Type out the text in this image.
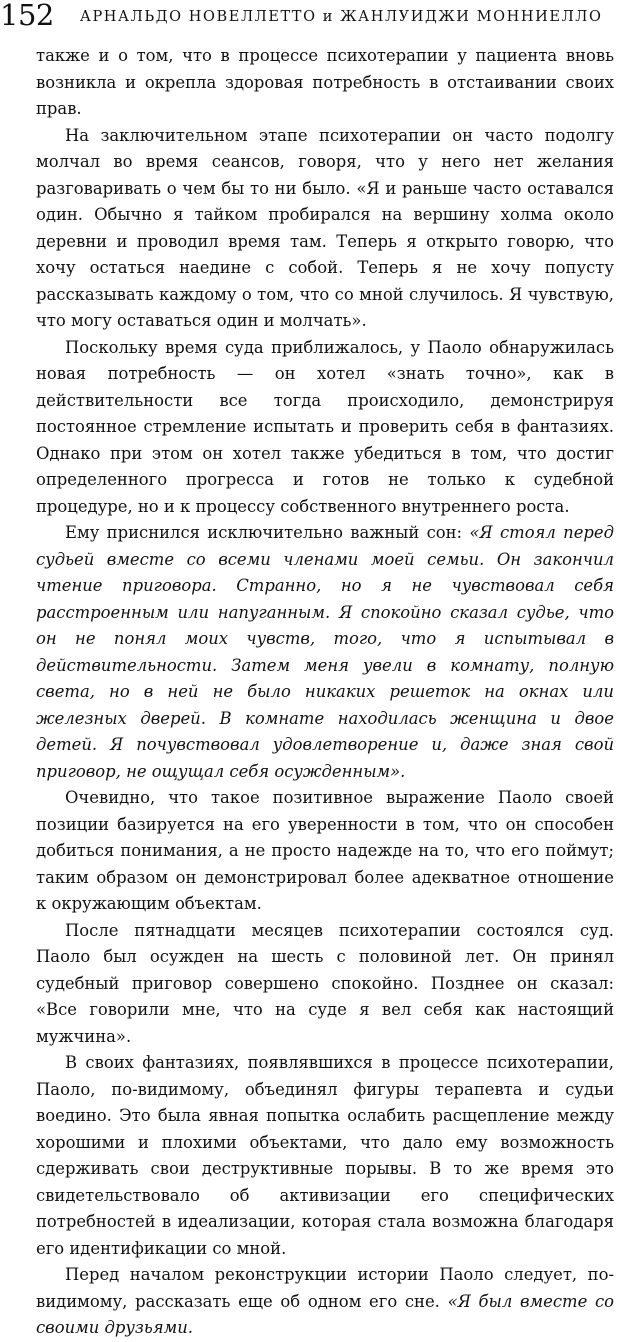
152 АРНАЛЬДО НОВЕЛЛЕТТО и ЖАНЛУИДЖИ МОННИЕЛЛО

также и о том, что в процессе психотерапии у пациента вновь возникла и окрепла здоровая потребность в отстаивании своих прав.

На заключительном этапе психотерапии он часто подолгу молчал во время сеансов, говоря, что у него нет желания разговаривать о чем бы то ни было. «Я и раньше часто оставался один. Обычно я тайком пробирался на вершину холма около деревни и проводил время там. Теперь я открыто говорю, что хочу остаться наедине с собой. Теперь я не хочу попусту рассказывать каждому о том, что со мной случилось. Я чувствую, что могу оставаться один и молчать».

Поскольку время суда приближалось, у Паоло обнаружилась новая потребность — он хотел «знать точно», как в действительности все тогда происходило, демонстрируя постоянное стремление испытать и проверить себя в фантазиях. Однако при этом он хотел также убедиться в том, что достиг определенного прогресса и готов не только к судебной процедуре, но и к процессу собственного внутреннего роста.

Ему приснился исключительно важный сон: «Я стоял перед судьей вместе со всеми членами моей семьи. Он закончил чтение приговора. Странно, но я не чувствовал себя расстроенным или напуганным. Я спокойно сказал судье, что он не понял моих чувств, того, что я испытывал в действительности. Затем меня увели в комнату, полную света, но в ней не было никаких решеток на окнах или железных дверей. В комнате находилась женщина и двое детей. Я почувствовал удовлетворение и, даже зная свой приговор, не ощущал себя осужденным».

Очевидно, что такое позитивное выражение Паоло своей позиции базируется на его уверенности в том, что он способен добиться понимания, а не просто надежде на то, что его поймут; таким образом он демонстрировал более адекватное отношение к окружающим объектам.

После пятнадцати месяцев психотерапии состоялся суд. Паоло был осужден на шесть с половиной лет. Он принял судебный приговор совершено спокойно. Позднее он сказал: «Все говорили мне, что на суде я вел себя как настоящий мужчина».

В своих фантазиях, появлявшихся в процессе психотерапии, Паоло, по-видимому, объединял фигуры терапевта и судьи воедино. Это была явная попытка ослабить расщепление между хорошими и плохими объектами, что дало ему возможность сдерживать свои деструктивные порывы. В то же время это свидетельствовало об активизации его специфических потребностей в идеализации, которая стала возможна благодаря его идентификации со мной.

Перед началом реконструкции истории Паоло следует, по-видимому, рассказать еще об одном его сне. «Я был вместе со своими друзьями.
